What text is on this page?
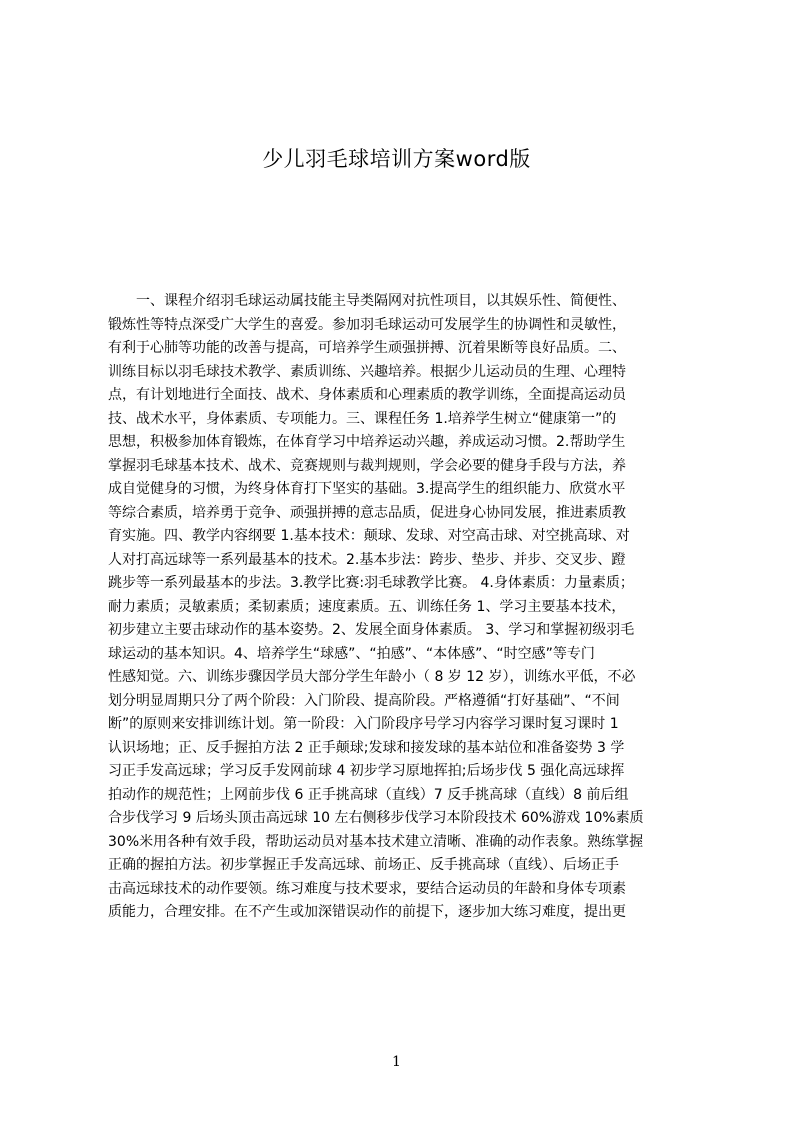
少儿羽毛球培训方案word版

　　一、课程介绍羽毛球运动属技能主导类隔网对抗性项目，以其娱乐性、简便性、

锻炼性等特点深受广大学生的喜爱。参加羽毛球运动可发展学生的协调性和灵敏性，

有利于心肺等功能的改善与提高，可培养学生顽强拼搏、沉着果断等良好品质。二、

训练目标以羽毛球技术教学、素质训练、兴趣培养。根据少儿运动员的生理、心理特

点，有计划地进行全面技、战术、身体素质和心理素质的教学训练，全面提高运动员

技、战术水平，身体素质、专项能力。三、课程任务 1.培养学生树立“健康第一”的

思想，积极参加体育锻炼，在体育学习中培养运动兴趣，养成运动习惯。2.帮助学生

掌握羽毛球基本技术、战术、竞赛规则与裁判规则，学会必要的健身手段与方法，养

成自觉健身的习惯，为终身体育打下坚实的基础。3.提高学生的组织能力、欣赏水平

等综合素质，培养勇于竞争、顽强拼搏的意志品质，促进身心协同发展，推进素质教

育实施。四、教学内容纲要 1.基本技术：颠球、发球、对空高击球、对空挑高球、对

人对打高远球等一系列最基本的技术。2.基本步法：跨步、垫步、并步、交叉步、蹬

跳步等一系列最基本的步法。3.教学比赛:羽毛球教学比赛。 4.身体素质：力量素质；

耐力素质；灵敏素质；柔韧素质；速度素质。五、训练任务 1、学习主要基本技术，

初步建立主要击球动作的基本姿势。2、发展全面身体素质。 3、学习和掌握初级羽毛

球运动的基本知识。4、培养学生“球感”、“拍感”、“本体感”、“时空感”等专门

性感知觉。六、训练步骤因学员大部分学生年龄小（ 8 岁 12 岁），训练水平低，不必

划分明显周期只分了两个阶段：入门阶段、提高阶段。严格遵循“打好基础”、“不间

断”的原则来安排训练计划。第一阶段：入门阶段序号学习内容学习课时复习课时 1

认识场地；正、反手握拍方法 2 正手颠球;发球和接发球的基本站位和准备姿势 3 学

习正手发高远球；学习反手发网前球 4 初步学习原地挥拍;后场步伐 5 强化高远球挥

拍动作的规范性；上网前步伐 6 正手挑高球（直线）7 反手挑高球（直线）8 前后组

合步伐学习 9 后场头顶击高远球 10 左右侧移步伐学习本阶段技术 60%游戏 10%素质

30%米用各种有效手段，帮助运动员对基本技术建立清晰、准确的动作表象。熟练掌握

正确的握拍方法。初步掌握正手发高远球、前场正、反手挑高球（直线）、后场正手

击高远球技术的动作要领。练习难度与技术要求，要结合运动员的年龄和身体专项素

质能力，合理安排。在不产生或加深错误动作的前提下，逐步加大练习难度，提出更

1
